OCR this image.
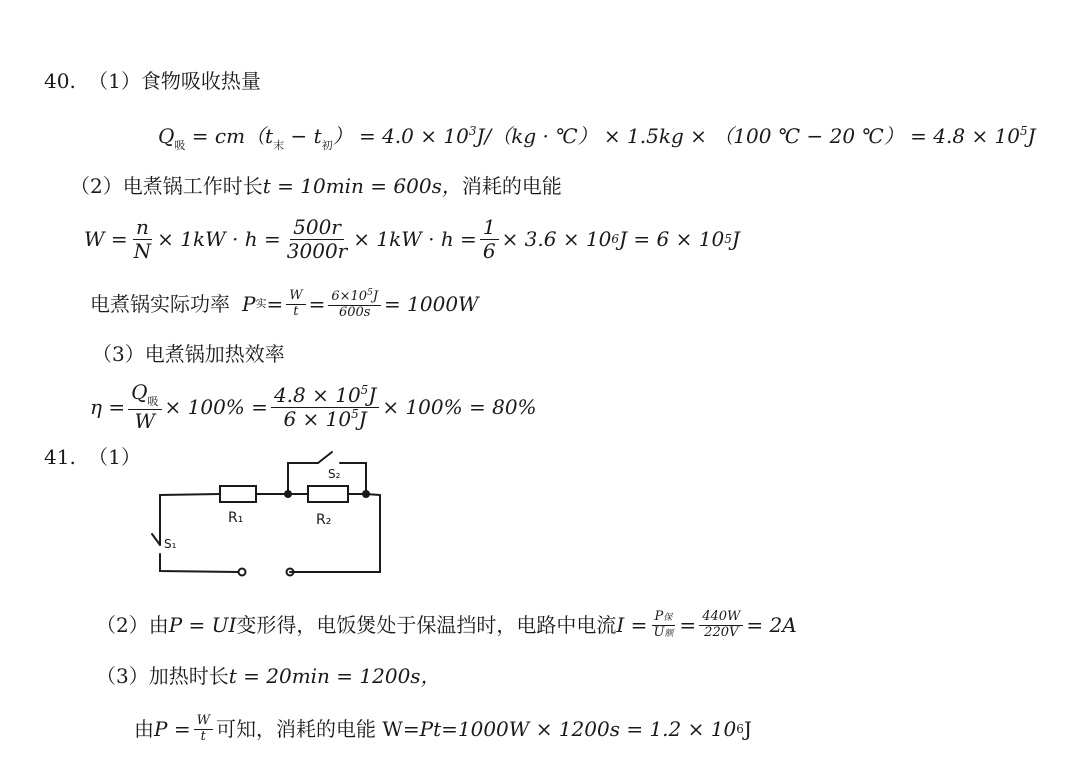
40. （1）食物吸收热量
$Q_吸 = cm(t_末 - t_初) = 4.0 \times 10^3J/(kg$ · ℃） × 1.5kg × （100 ℃ − 20 ℃） = $4.8 \times 10^5J$
（2）电煮锅工作时长t = 10min = 600s，消耗的电能
$W = \frac{n}{N} \times 1kW \cdot h = \frac{500r}{3000r} \times 1kW \cdot h = \frac{1}{6} \times 3.6 \times 10$ 6 J = 6 × 10 5 J
电煮锅实际功率 P 实 = $\frac{W}{t} = \frac{6\times 10^5J}{600s} = 1000W$
（3）电煮锅加热效率
$\eta = \frac{Q_吸}{W} \times 100\% = \frac{4.8 \times 10^5J}{6 \times 10^5J} \times 100\% = 80\%$
41. （1）
R₁	R₂
S₂
S₁
（2）由 P = UI 变形得，电饭煲处于保温挡时，电路中电流 $I = \frac{\text{P保}}{\text{U额}} = \frac{440W}{220V} = 2A$
（3）加热时长t = 20min = 1200s，
由 $P = \frac{W}{t}$ 可知，消耗的电能 W= Pt =1000W × 1200s = 1.2 × 10 6 J
